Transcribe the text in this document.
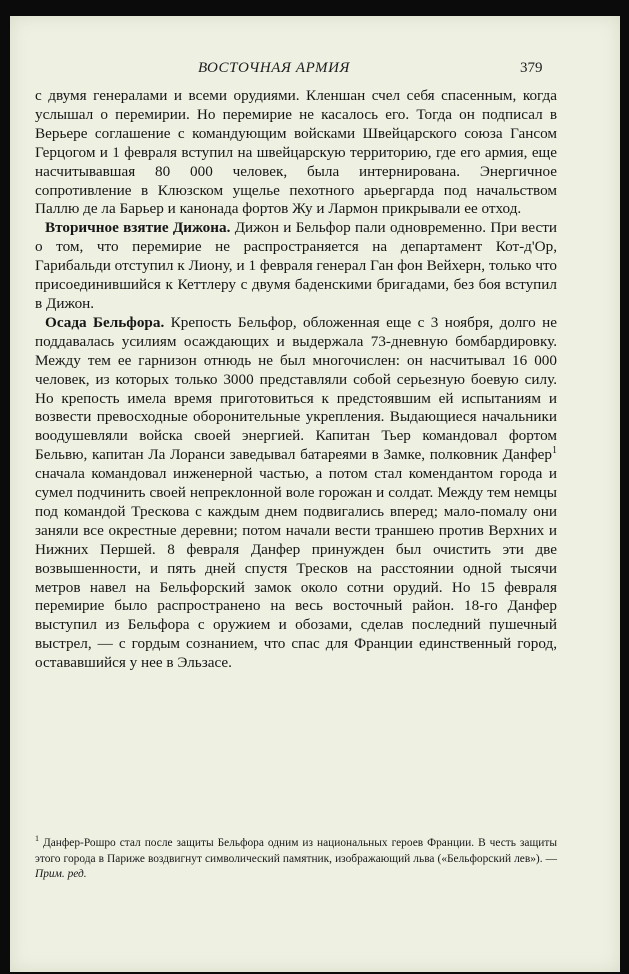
ВОСТОЧНАЯ АРМИЯ	379

с двумя генералами и всеми орудиями. Кленшан счел себя спасенным, когда услышал о перемирии. Но перемирие не касалось его. Тогда он подписал в Верьере соглашение с командующим войсками Швейцарского союза Гансом Герцогом и 1 февраля вступил на швейцарскую территорию, где его армия, еще насчитывавшая 80 000 человек, была интернирована. Энергичное сопротивление в Клюзском ущелье пехотного арьергарда под начальством Паллю де ла Барьер и канонада фортов Жу и Лармон прикрывали ее отход.

Вторичное взятие Дижона. Дижон и Бельфор пали одновременно. При вести о том, что перемирие не распространяется на департамент Кот-д'Ор, Гарибальди отступил к Лиону, и 1 февраля генерал Ган фон Вейхерн, только что присоединившийся к Кеттлеру с двумя баденскими бригадами, без боя вступил в Дижон.

Осада Бельфора. Крепость Бельфор, обложенная еще с 3 ноября, долго не поддавалась усилиям осаждающих и выдержала 73-дневную бомбардировку. Между тем ее гарнизон отнюдь не был многочислен: он насчитывал 16 000 человек, из которых только 3000 представляли собой серьезную боевую силу. Но крепость имела время приготовиться к предстоявшим ей испытаниям и возвести превосходные оборонительные укрепления. Выдающиеся начальники воодушевляли войска своей энергией. Капитан Тьер командовал фортом Бельвю, капитан Ла Лоранси заведывал батареями в Замке, полковник Данфер$^1$ сначала командовал инженерной частью, а потом стал комендантом города и сумел подчинить своей непреклонной воле горожан и солдат. Между тем немцы под командой Трескова с каждым днем подвигались вперед; мало-помалу они заняли все окрестные деревни; потом начали вести траншею против Верхних и Нижних Першей. 8 февраля Данфер принужден был очистить эти две возвышенности, и пять дней спустя Тресков на расстоянии одной тысячи метров навел на Бельфорский замок около сотни орудий. Но 15 февраля перемирие было распространено на весь восточный район. 18-го Данфер выступил из Бельфора с оружием и обозами, сделав последний пушечный выстрел, — с гордым сознанием, что спас для Франции единственный город, остававшийся у нее в Эльзасе.

$^1$ Данфер-Рошро стал после защиты Бельфора одним из национальных героев Франции. В честь защиты этого города в Париже воздвигнут символический памятник, изображающий льва («Бельфорский лев»). — Прим. ред.
